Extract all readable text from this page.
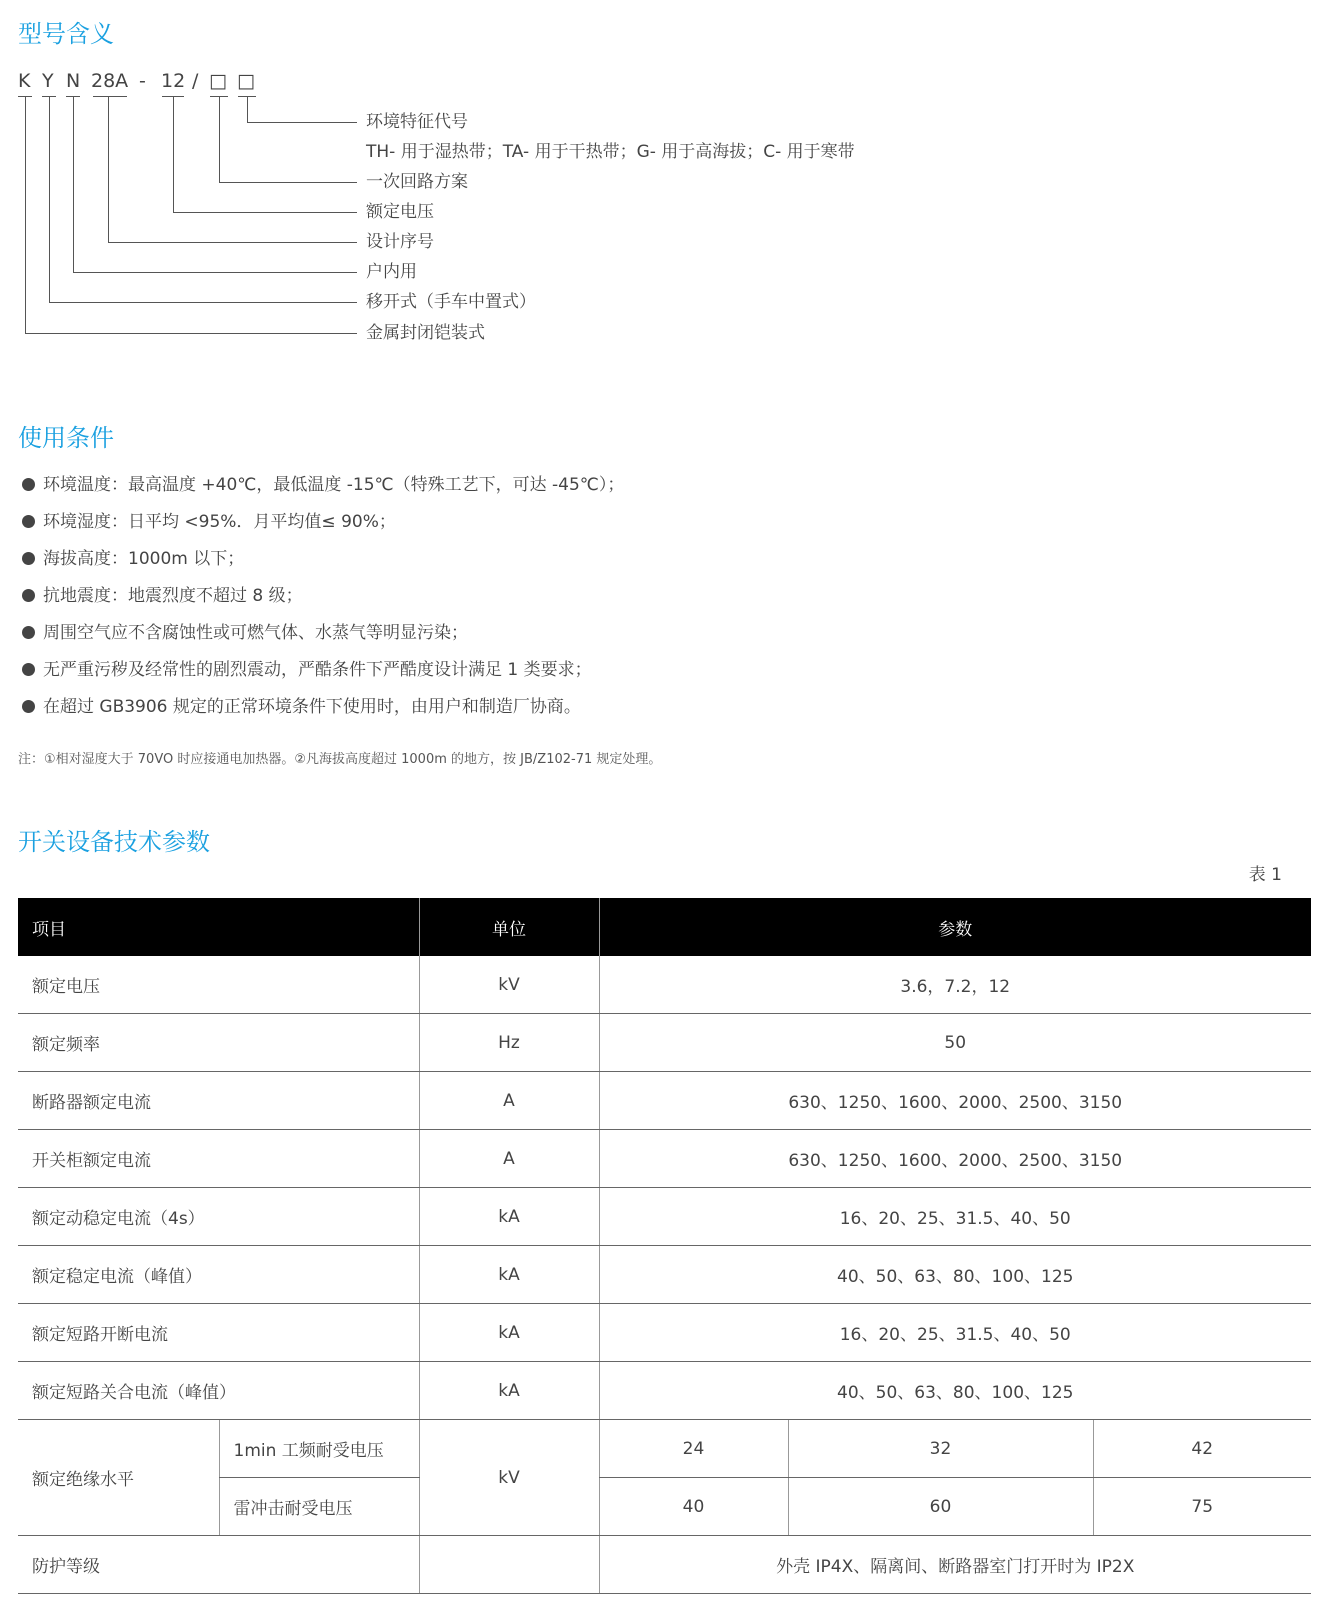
型号含义
K Y N 28A - 12 / □ □
环境特征代号
TH- 用于湿热带；TA- 用于干热带；G- 用于高海拔；C- 用于寒带
一次回路方案
额定电压
设计序号
户内用
移开式（手车中置式）
金属封闭铠装式
使用条件
环境温度：最高温度 +40℃，最低温度 -15℃（特殊工艺下，可达 -45℃）；
环境湿度：日平均 <95%．月平均值≤ 90%；
海拔高度：1000m 以下；
抗地震度：地震烈度不超过 8 级；
周围空气应不含腐蚀性或可燃气体、水蒸气等明显污染；
无严重污秽及经常性的剧烈震动，严酷条件下严酷度设计满足 1 类要求；
在超过 GB3906 规定的正常环境条件下使用时，由用户和制造厂协商。
注：①相对湿度大于 70VO 时应接通电加热器。②凡海拔高度超过 1000m 的地方，按 JB/Z102-71 规定处理。
开关设备技术参数
表 1
项目		单位	参数		
额定电压		kV	3.6，7.2，12		
额定频率		Hz	50		
断路器额定电流		A	630、1250、1600、2000、2500、3150		
开关柜额定电流		A	630、1250、1600、2000、2500、3150		
额定动稳定电流（4s）		kA	16、20、25、31.5、40、50		
额定稳定电流（峰值）		kA	40、50、63、80、100、125		
额定短路开断电流		kA	16、20、25、31.5、40、50		
额定短路关合电流（峰值）		kA	40、50、63、80、100、125		
额定绝缘水平	1min 工频耐受电压	kV	24	32	42
	雷冲击耐受电压		40	60	75
防护等级			外壳 IP4X、隔离间、断路器室门打开时为 IP2X		
